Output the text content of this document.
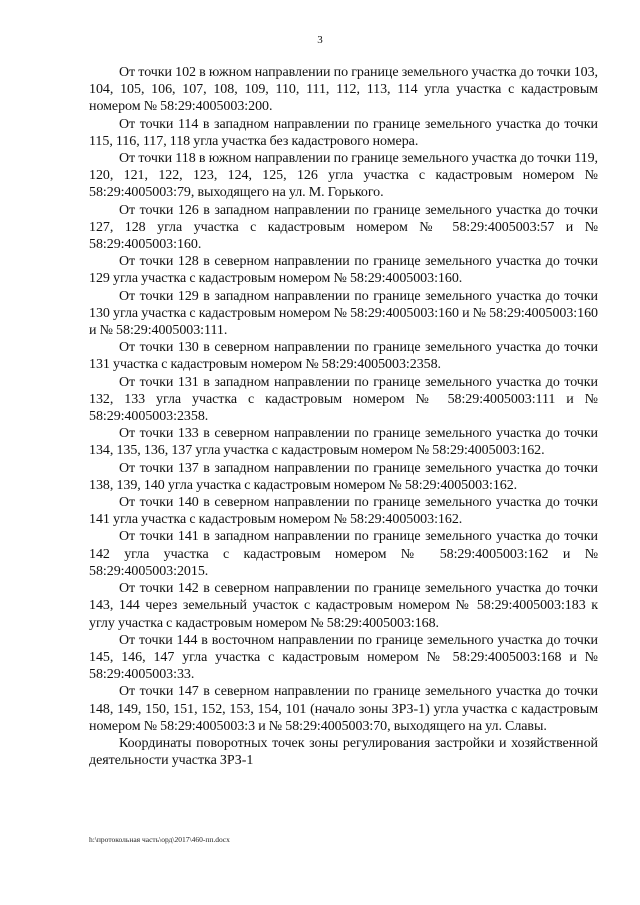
3

От точки 102 в южном направлении по границе земельного участка до точки 103, 104, 105, 106, 107, 108, 109, 110, 111, 112, 113, 114 угла участка с кадастровым номером № 58:29:4005003:200.

От точки 114 в западном направлении по границе земельного участка до точки 115, 116, 117, 118 угла участка без кадастрового номера.

От точки 118 в южном направлении по границе земельного участка до точки 119, 120, 121, 122, 123, 124, 125, 126 угла участка с кадастровым номером № 58:29:4005003:79, выходящего на ул. М. Горького.

От точки 126 в западном направлении по границе земельного участка до точки 127, 128 угла участка с кадастровым номером № 58:29:4005003:57 и № 58:29:4005003:160.

От точки 128 в северном направлении по границе земельного участка до точки 129 угла участка с кадастровым номером № 58:29:4005003:160.

От точки 129 в западном направлении по границе земельного участка до точки 130 угла участка с кадастровым номером № 58:29:4005003:160 и № 58:29:4005003:160 и № 58:29:4005003:111.

От точки 130 в северном направлении по границе земельного участка до точки 131 участка с кадастровым номером № 58:29:4005003:2358.

От точки 131 в западном направлении по границе земельного участка до точки 132, 133 угла участка с кадастровым номером № 58:29:4005003:111 и № 58:29:4005003:2358.

От точки 133 в северном направлении по границе земельного участка до точки 134, 135, 136, 137 угла участка с кадастровым номером № 58:29:4005003:162.

От точки 137 в западном направлении по границе земельного участка до точки 138, 139, 140 угла участка с кадастровым номером № 58:29:4005003:162.

От точки 140 в северном направлении по границе земельного участка до точки 141 угла участка с кадастровым номером № 58:29:4005003:162.

От точки 141 в западном направлении по границе земельного участка до точки 142 угла участка с кадастровым номером № 58:29:4005003:162 и № 58:29:4005003:2015.

От точки 142 в северном направлении по границе земельного участка до точки 143, 144 через земельный участок с кадастровым номером № 58:29:4005003:183 к углу участка с кадастровым номером № 58:29:4005003:168.

От точки 144 в восточном направлении по границе земельного участка до точки 145, 146, 147 угла участка с кадастровым номером № 58:29:4005003:168 и № 58:29:4005003:33.

От точки 147 в северном направлении по границе земельного участка до точки 148, 149, 150, 151, 152, 153, 154, 101 (начало зоны ЗРЗ-1) угла участка с кадастровым номером № 58:29:4005003:3 и № 58:29:4005003:70, выходящего на ул. Славы.

Координаты поворотных точек зоны регулирования застройки и хозяйственной деятельности участка ЗРЗ-1

h:\протокольная часть\орд\2017\460-пп.docx
